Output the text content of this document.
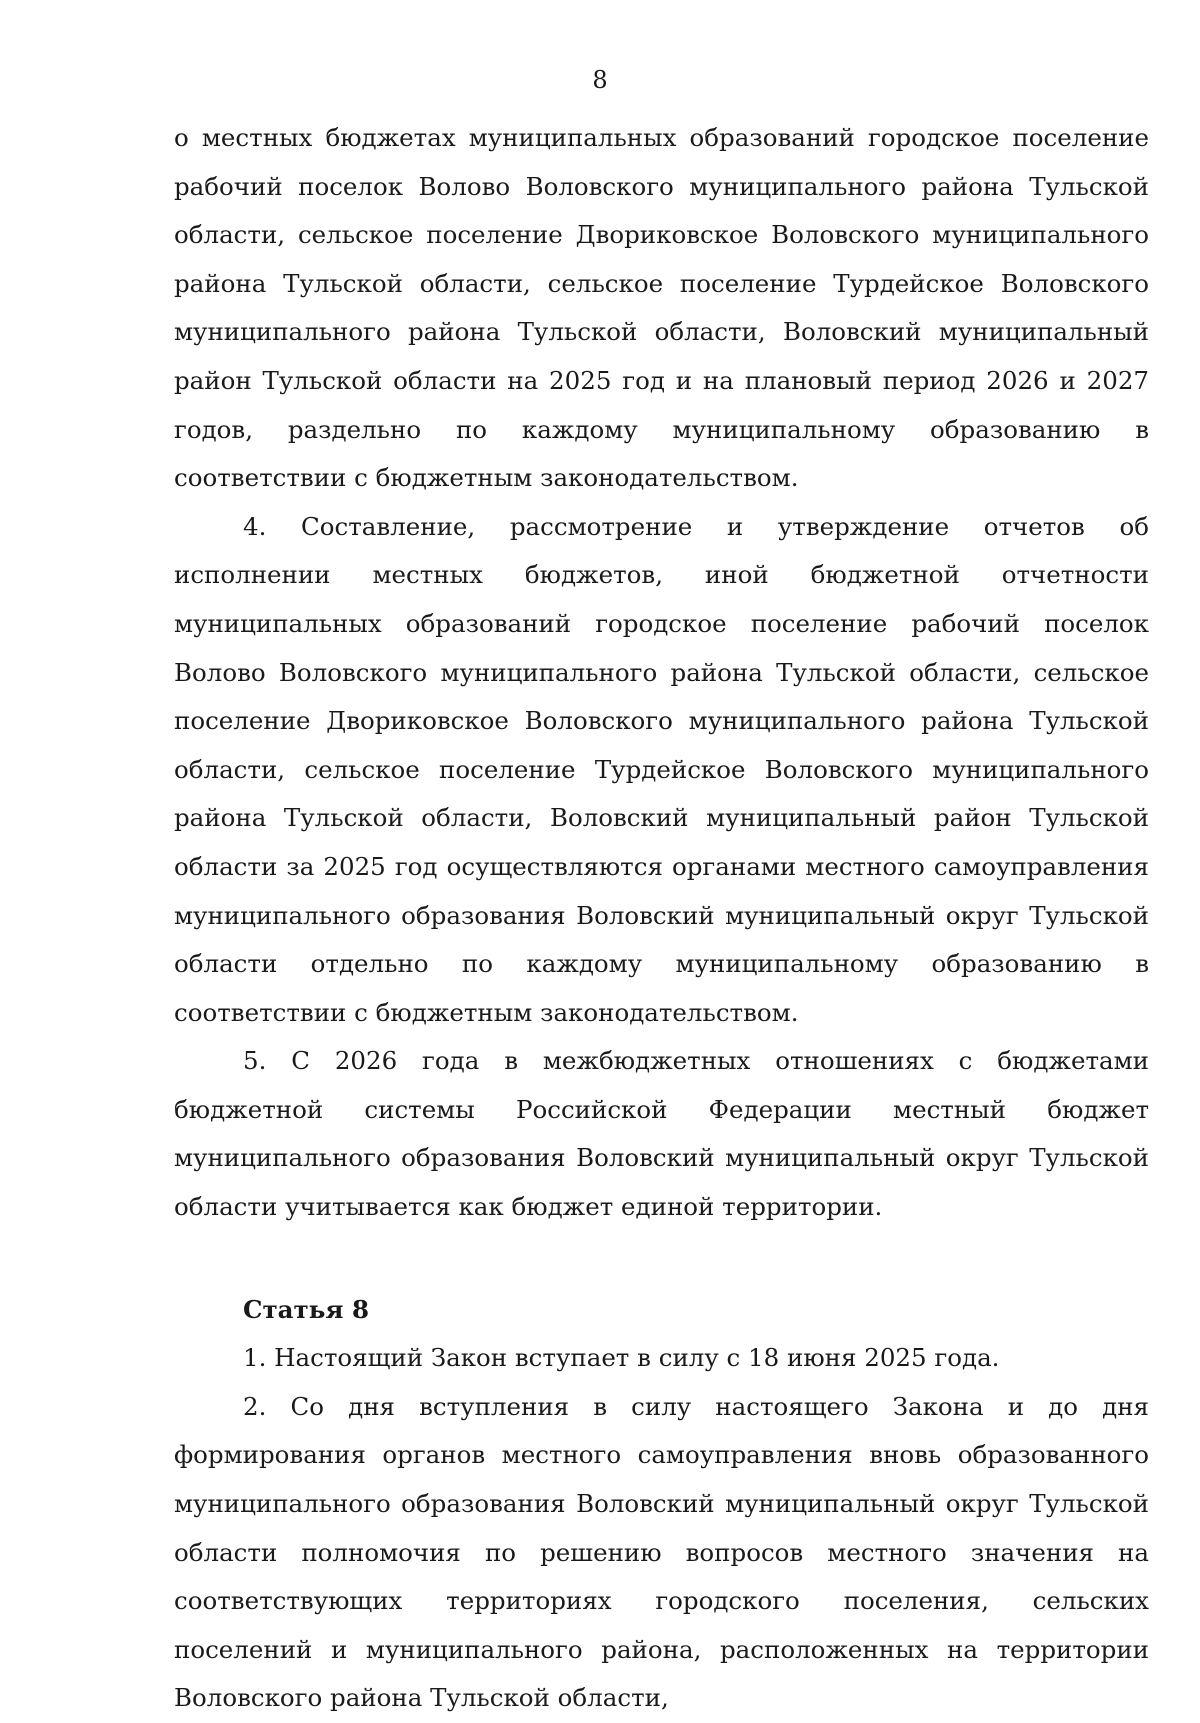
8

о местных бюджетах муниципальных образований городское поселение рабочий поселок Волово Воловского муниципального района Тульской области, сельское поселение Двориковское Воловского муниципального района Тульской области, сельское поселение Турдейское Воловского муниципального района Тульской области, Воловский муниципальный район Тульской области на 2025 год и на плановый период 2026 и 2027 годов, раздельно по каждому муниципальному образованию в соответствии с бюджетным законодательством.

4. Составление, рассмотрение и утверждение отчетов об исполнении местных бюджетов, иной бюджетной отчетности муниципальных образований городское поселение рабочий поселок Волово Воловского муниципального района Тульской области, сельское поселение Двориковское Воловского муниципального района Тульской области, сельское поселение Турдейское Воловского муниципального района Тульской области, Воловский муниципальный район Тульской области за 2025 год осуществляются органами местного самоуправления муниципального образования Воловский муниципальный округ Тульской области отдельно по каждому муниципальному образованию в соответствии с бюджетным законодательством.

5. С 2026 года в межбюджетных отношениях с бюджетами бюджетной системы Российской Федерации местный бюджет муниципального образования Воловский муниципальный округ Тульской области учитывается как бюджет единой территории.

Статья 8

1. Настоящий Закон вступает в силу с 18 июня 2025 года.

2. Со дня вступления в силу настоящего Закона и до дня формирования органов местного самоуправления вновь образованного муниципального образования Воловский муниципальный округ Тульской области полномочия по решению вопросов местного значения на соответствующих территориях городского поселения, сельских поселений и муниципального района, расположенных на территории Воловского района Тульской области,
